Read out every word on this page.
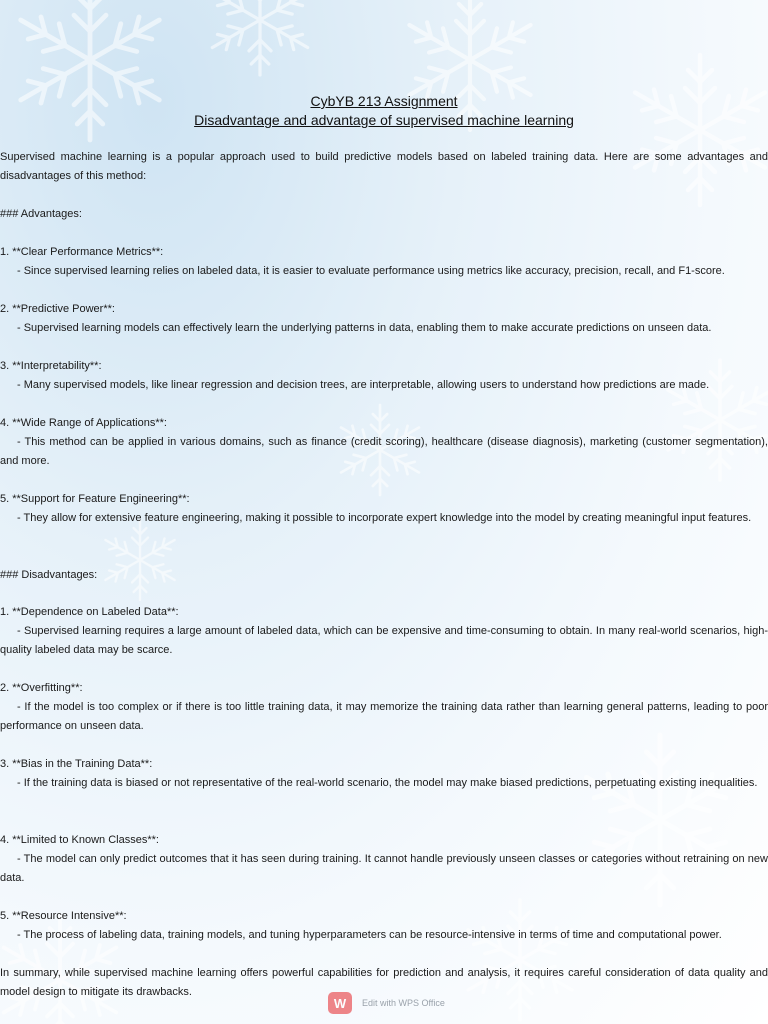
CybYB 213 Assignment
Disadvantage and advantage of supervised machine learning

Supervised machine learning is a popular approach used to build predictive models based on labeled training data. Here are some advantages and disadvantages of this method:

### Advantages:

1. **Clear Performance Metrics**:

- Since supervised learning relies on labeled data, it is easier to evaluate performance using metrics like accuracy, precision, recall, and F1-score.

2. **Predictive Power**:

- Supervised learning models can effectively learn the underlying patterns in data, enabling them to make accurate predictions on unseen data.

3. **Interpretability**:

- Many supervised models, like linear regression and decision trees, are interpretable, allowing users to understand how predictions are made.

4. **Wide Range of Applications**:

- This method can be applied in various domains, such as finance (credit scoring), healthcare (disease diagnosis), marketing (customer segmentation), and more.

5. **Support for Feature Engineering**:

- They allow for extensive feature engineering, making it possible to incorporate expert knowledge into the model by creating meaningful input features.

### Disadvantages:

1. **Dependence on Labeled Data**:

- Supervised learning requires a large amount of labeled data, which can be expensive and time-consuming to obtain. In many real-world scenarios, high-quality labeled data may be scarce.

2. **Overfitting**:

- If the model is too complex or if there is too little training data, it may memorize the training data rather than learning general patterns, leading to poor performance on unseen data.

3. **Bias in the Training Data**:

- If the training data is biased or not representative of the real-world scenario, the model may make biased predictions, perpetuating existing inequalities.

4. **Limited to Known Classes**:

- The model can only predict outcomes that it has seen during training. It cannot handle previously unseen classes or categories without retraining on new data.

5. **Resource Intensive**:

- The process of labeling data, training models, and tuning hyperparameters can be resource-intensive in terms of time and computational power.

In summary, while supervised machine learning offers powerful capabilities for prediction and analysis, it requires careful consideration of data quality and model design to mitigate its drawbacks.

W	Edit with WPS Office
